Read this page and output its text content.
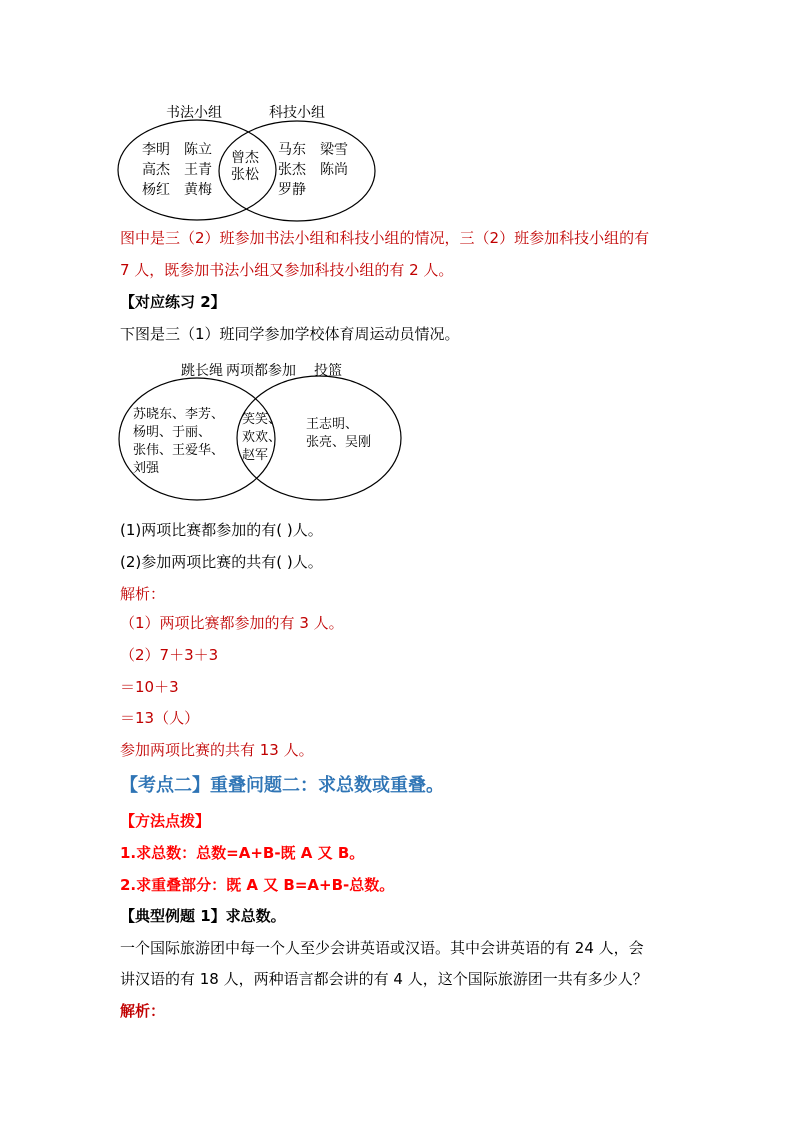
书法小组	科技小组
李明
高杰
杨红
陈立
王青
黄梅
曾杰
张松
马东
张杰
罗静
梁雪
陈尚
图中是三（2）班参加书法小组和科技小组的情况，三（2）班参加科技小组的有
7 人，既参加书法小组又参加科技小组的有 2 人。
【对应练习 2】
下图是三（1）班同学参加学校体育周运动员情况。
跳长绳 两项都参加 投篮
苏晓东、李芳、
杨明、于丽、
张伟、王爱华、
刘强
笑笑、
欢欢、
赵军
王志明、
张亮、吴刚
(1)两项比赛都参加的有( )人。
(2)参加两项比赛的共有( )人。
解析：
（1）两项比赛都参加的有 3 人。
（2）7＋3＋3
＝10＋3
＝13（人）
参加两项比赛的共有 13 人。
【考点二】重叠问题二：求总数或重叠。
【方法点拨】
1.求总数：总数=A+B-既 A 又 B。
2.求重叠部分：既 A 又 B=A+B-总数。
【典型例题 1】求总数。
一个国际旅游团中每一个人至少会讲英语或汉语。其中会讲英语的有 24 人，会
讲汉语的有 18 人，两种语言都会讲的有 4 人，这个国际旅游团一共有多少人？
解析：
